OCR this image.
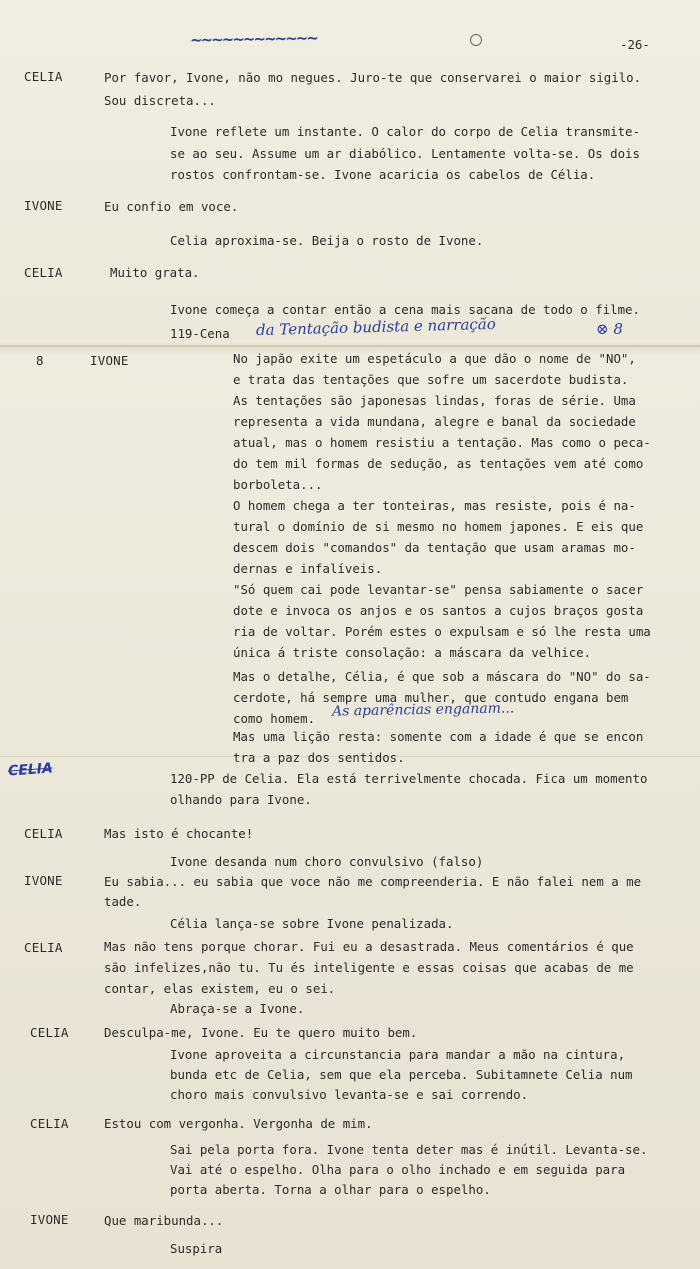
~~~~~~~~~~~~	-26-
CELIA	Por favor, Ivone, não mo negues. Juro-te que conservarei o maior sigilo.
Sou discreta...
Ivone reflete um instante. O calor do corpo de Celia transmite-
se ao seu. Assume um ar diabólico. Lentamente volta-se. Os dois
rostos confrontam-se. Ivone acaricia os cabelos de Célia.
IVONE	Eu confio em voce.
Celia aproxima-se. Beija o rosto de Ivone.
CELIA	Muito grata.
Ivone começa a contar então a cena mais sacana de todo o filme.
119-Cena da Tentação budista e narração	⊗ 8
8	IVONE	No japão exite um espetáculo a que dão o nome de "NO",
e trata das tentações que sofre um sacerdote budista.
As tentações são japonesas lindas, foras de série. Uma
representa a vida mundana, alegre e banal da sociedade
atual, mas o homem resistiu a tentação. Mas como o peca-
do tem mil formas de sedução, as tentações vem até como
borboleta...
O homem chega a ter tonteiras, mas resiste, pois é na-
tural o domínio de si mesmo no homem japones. E eis que
descem dois "comandos" da tentação que usam aramas mo-
dernas e infalíveis.
"Só quem cai pode levantar-se" pensa sabiamente o sacer
dote e invoca os anjos e os santos a cujos braços gosta
ria de voltar. Porém estes o expulsam e só lhe resta uma
única á triste consolação: a máscara da velhice.
Mas o detalhe, Célia, é que sob a máscara do "NO" do sa-
cerdote, há sempre uma mulher, que contudo engana bem
como homem. As aparências enganam...
Mas uma lição resta: somente com a idade é que se encon
tra a paz dos sentidos.
CELIA	120-PP de Celia. Ela está terrivelmente chocada. Fica um momento
olhando para Ivone.
CELIA	Mas isto é chocante!
Ivone desanda num choro convulsivo (falso)
IVONE	Eu sabia... eu sabia que voce não me compreenderia. E não falei nem a me
tade.
Célia lança-se sobre Ivone penalizada.
CELIA	Mas não tens porque chorar. Fui eu a desastrada. Meus comentários é que
são infelizes,não tu. Tu és inteligente e essas coisas que acabas de me
contar, elas existem, eu o sei.
Abraça-se a Ivone.
CELIA	Desculpa-me, Ivone. Eu te quero muito bem.
Ivone aproveita a circunstancia para mandar a mão na cintura,
bunda etc de Celia, sem que ela perceba. Subitamnete Celia num
choro mais convulsivo levanta-se e sai correndo.
CELIA	Estou com vergonha. Vergonha de mim.
Sai pela porta fora. Ivone tenta deter mas é inútil. Levanta-se.
Vai até o espelho. Olha para o olho inchado e em seguida para
porta aberta. Torna a olhar para o espelho.
IVONE	Que maribunda...
Suspira
